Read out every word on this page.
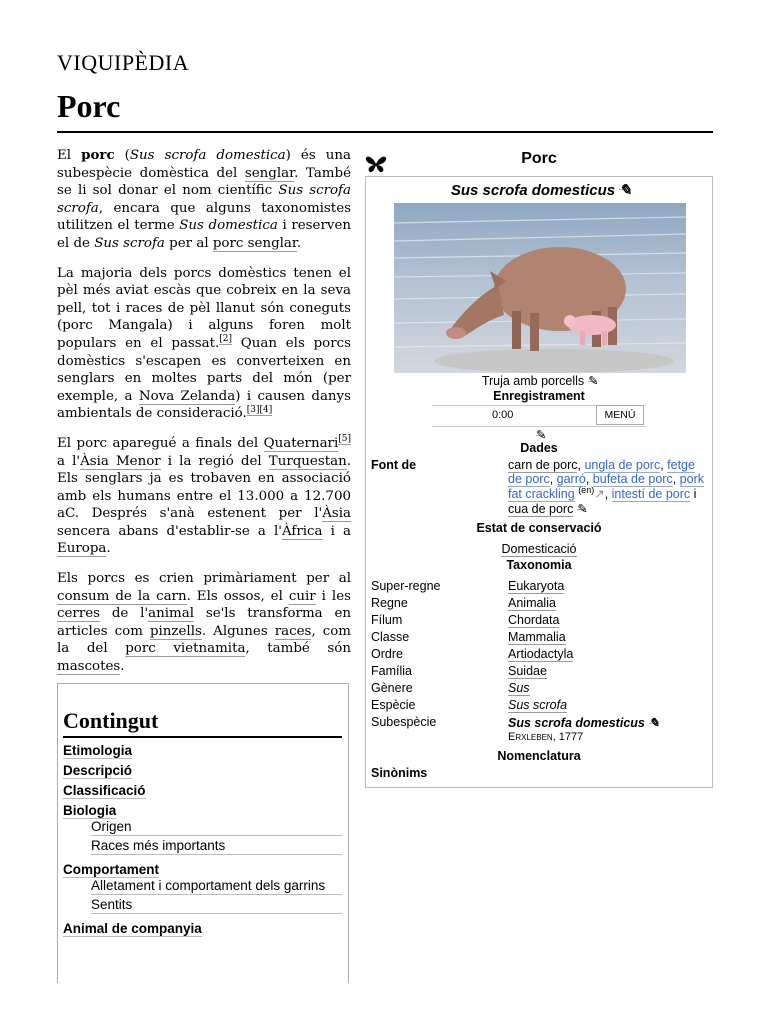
VIQUIPÈDIA
Porc

El porc (Sus scrofa domestica) és una subespècie domèstica del senglar. També se li sol donar el nom científic Sus scrofa scrofa, encara que alguns taxonomistes utilitzen el terme Sus domestica i reserven el de Sus scrofa per al porc senglar.

La majoria dels porcs domèstics tenen el pèl més aviat escàs que cobreix en la seva pell, tot i races de pèl llanut són coneguts (porc Mangala) i alguns foren molt populars en el passat.[2] Quan els porcs domèstics s'escapen es converteixen en senglars en moltes parts del món (per exemple, a Nova Zelanda) i causen danys ambientals de consideració.[3][4]

El porc aparegué a finals del Quaternari[5] a l'Àsia Menor i la regió del Turquestan. Els senglars ja es trobaven en associació amb els humans entre el 13.000 a 12.700 aC. Després s'anà estenent per l'Àsia sencera abans d'establir-se a l'Àfrica i a Europa.

Els porcs es crien primàriament per al consum de la carn. Els ossos, el cuir i les cerres de l'animal se'ls transforma en articles com pinzells. Algunes races, com la del porc vietnamita, també són mascotes.

Contingut
Etimologia
Descripció
Classificació
Biologia
Origen
Races més importants
Comportament
Alletament i comportament dels garrins
Sentits
Animal de companyia
Porc
Sus scrofa domesticus ✎
Truja amb porcells ✎
Enregistrament
0:00	MENÚ
✎
Dades
Font de	carn de porc, ungla de porc, fetge de porc, garró, bufeta de porc, pork fat crackling $^{(en)}$↗, intestí de porc i cua de porc ✎
Estat de conservació
Domesticació
Taxonomia
Super-regne	Eukaryota
Regne	Animalia
Fílum	Chordata
Classe	Mammalia
Ordre	Artiodactyla
Família	Suidae
Gènere	Sus
Espècie	Sus scrofa
Subespècie	Sus scrofa domesticus ✎
Erxleben, 1777
Nomenclatura
Sinònims
